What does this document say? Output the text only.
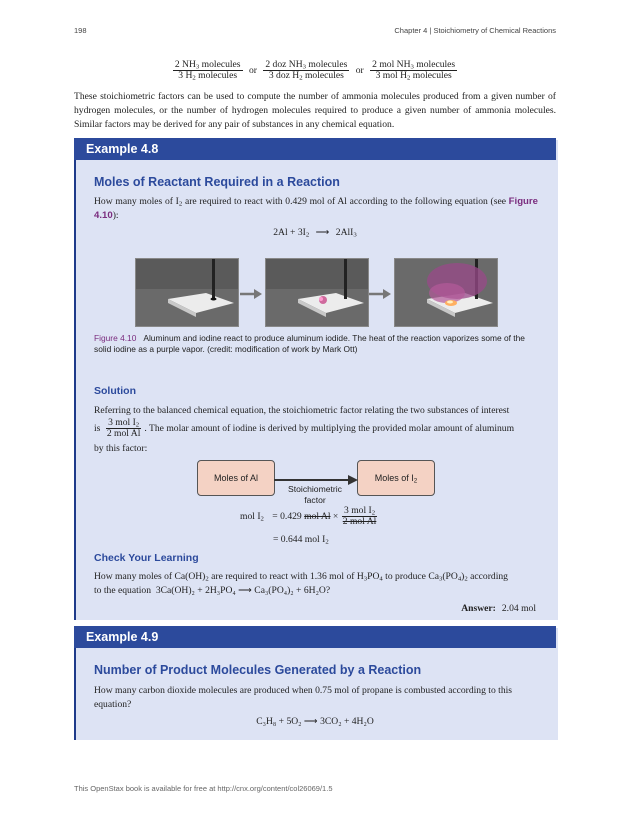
198	Chapter 4 | Stoichiometry of Chemical Reactions
$\frac{2 NH_3 molecules}{3 H_2 molecules}$ or $\frac{2 doz NH_3 molecules}{3 doz H_2 molecules}$ or $\frac{2 mol NH_3 molecules}{3 mol H_2 molecules}$
These stoichiometric factors can be used to compute the number of ammonia molecules produced from a given number of hydrogen molecules, or the number of hydrogen molecules required to produce a given number of ammonia molecules. Similar factors may be derived for any pair of substances in any chemical equation.
Example 4.8
Moles of Reactant Required in a Reaction
How many moles of $I_2$ are required to react with 0.429 mol of Al according to the following equation (see Figure 4.10):
$2Al + 3I_2$ ⟶ 2AlI$_3$
Figure 4.10 Aluminum and iodine react to produce aluminum iodide. The heat of the reaction vaporizes some of the solid iodine as a purple vapor. (credit: modification of work by Mark Ott)
Solution
Referring to the balanced chemical equation, the stoichiometric factor relating the two substances of interest
is $\frac{3 mol I_2}{\text{2 mol Al}}$ . The molar amount of iodine is derived by multiplying the provided molar amount of aluminum
by this factor:
Moles of Al	Moles of $I_2$
Stoichiometric
factor
mol $I_2 = 0.429$ mol $Al \times \frac{3 mol I_2}{\text{2 mol Al}}$
= 0.644 mol $I_2$
Check Your Learning
How many moles of $Ca(OH)_2$ are required to react with 1.36 mol of $H_3PO_4$ to produce $Ca_3(PO_4)_2$ according
to the equation 3Ca(OH)₂ + 2H₃PO₄ ⟶ Ca₃(PO₄)₂ + 6H₂O?
Answer: 2.04 mol
Example 4.9
Number of Product Molecules Generated by a Reaction
How many carbon dioxide molecules are produced when 0.75 mol of propane is combusted according to this equation?
C₃H₈ + 5O₂ ⟶ 3CO₂ + 4H₂O
This OpenStax book is available for free at http://cnx.org/content/col26069/1.5
